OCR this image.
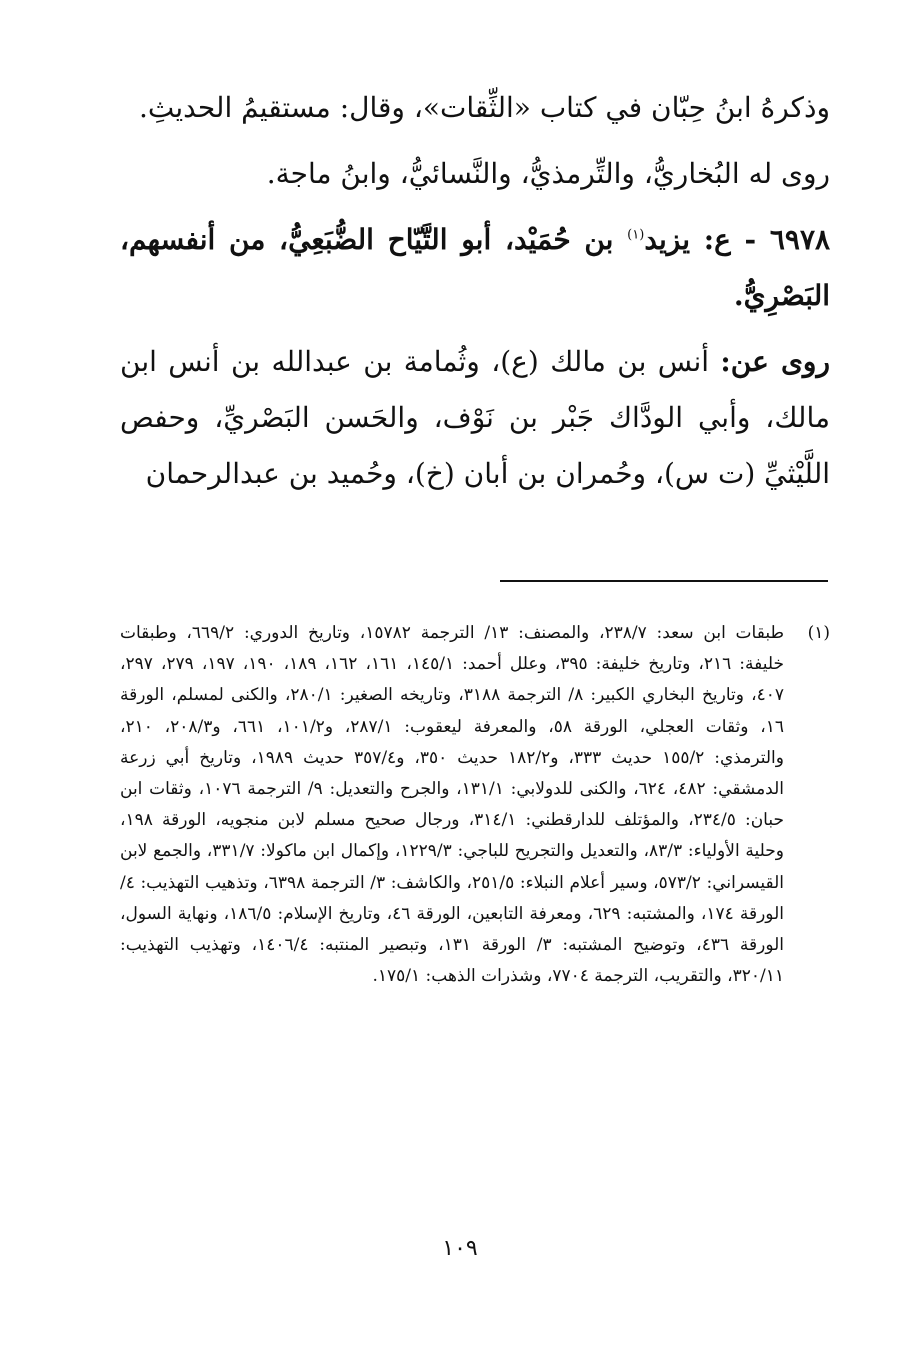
وذكرهُ ابنُ حِبّان في كتاب «الثِّقات»، وقال: مستقيمُ الحديثِ.

روى له البُخاريُّ، والتِّرمذيُّ، والنَّسائيُّ، وابنُ ماجة.

٦٩٧٨ - ع: يزيد$^{(١)}$ بن حُمَيْد، أبو التَّيّاح الضُّبَعِيُّ، من أنفسهم، البَصْرِيُّ.

روى عن: أنس بن مالك (ع)، وثُمامة بن عبدالله بن أنس ابن مالك، وأبي الودَّاك جَبْر بن نَوْف، والحَسن البَصْريِّ، وحفص اللَّيْثيِّ (ت س)، وحُمران بن أبان (خ)، وحُميد بن عبدالرحمان

(١)
طبقات ابن سعد: ٢٣٨/٧، والمصنف: ١٣/ الترجمة ١٥٧٨٢، وتاريخ الدوري: ٦٦٩/٢، وطبقات خليفة: ٢١٦، وتاريخ خليفة: ٣٩٥، وعلل أحمد: ١٤٥/١، ١٦١، ١٦٢، ١٨٩، ١٩٠، ١٩٧، ٢٧٩، ٢٩٧، ٤٠٧، وتاريخ البخاري الكبير: ٨/ الترجمة ٣١٨٨، وتاريخه الصغير: ٢٨٠/١، والكنى لمسلم، الورقة ١٦، وثقات العجلي، الورقة ٥٨، والمعرفة ليعقوب: ٢٨٧/١، و١٠١/٢، ٦٦١، و٢٠٨/٣، ٢١٠، والترمذي: ١٥٥/٢ حديث ٣٣٣، و١٨٢/٢ حديث ٣٥٠، و٣٥٧/٤ حديث ١٩٨٩، وتاريخ أبي زرعة الدمشقي: ٤٨٢، ٦٢٤، والكنى للدولابي: ١٣١/١، والجرح والتعديل: ٩/ الترجمة ١٠٧٦، وثقات ابن حبان: ٢٣٤/٥، والمؤتلف للدارقطني: ٣١٤/١، ورجال صحيح مسلم لابن منجويه، الورقة ١٩٨، وحلية الأولياء: ٨٣/٣، والتعديل والتجريح للباجي: ١٢٢٩/٣، وإكمال ابن ماكولا: ٣٣١/٧، والجمع لابن القيسراني: ٥٧٣/٢، وسير أعلام النبلاء: ٢٥١/٥، والكاشف: ٣/ الترجمة ٦٣٩٨، وتذهيب التهذيب: ٤/ الورقة ١٧٤، والمشتبه: ٦٢٩، ومعرفة التابعين، الورقة ٤٦، وتاريخ الإسلام: ١٨٦/٥، ونهاية السول، الورقة ٤٣٦، وتوضيح المشتبه: ٣/ الورقة ١٣١، وتبصير المنتبه: ١٤٠٦/٤، وتهذيب التهذيب: ٣٢٠/١١، والتقريب، الترجمة ٧٧٠٤، وشذرات الذهب: ١٧٥/١.
١٠٩
